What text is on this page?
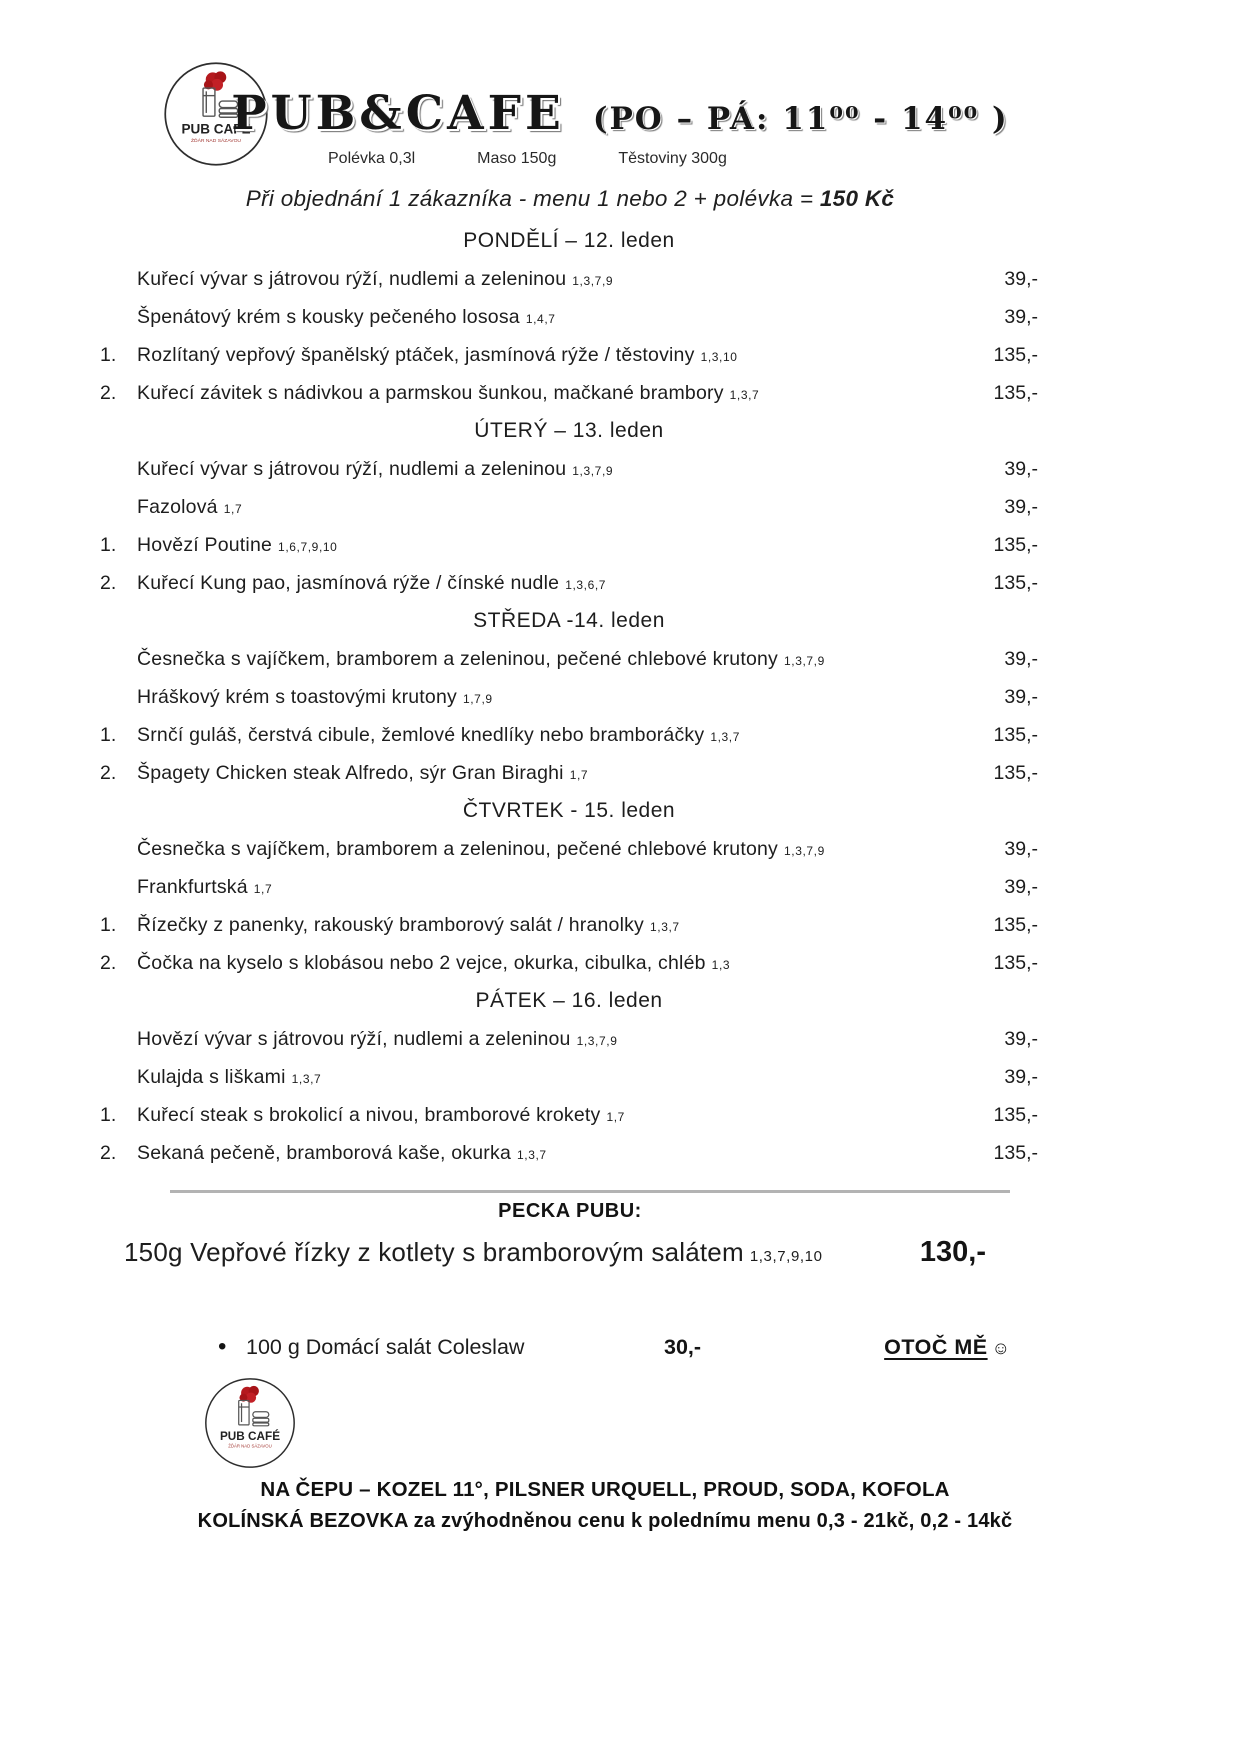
PUB CAFÉ
ŽĎÁR NAD SÁZAVOU
PUB&CAFE (PO – PÁ: 11⁰⁰ - 14⁰⁰ )
Polévka 0,3l	Maso 150g	Těstoviny 300g
Při objednání 1 zákazníka - menu 1 nebo 2 + polévka = 150 Kč
PONDĚLÍ – 12. leden
Kuřecí vývar s játrovou rýží, nudlemi a zeleninou 1,3,7,9	39,-
Špenátový krém s kousky pečeného lososa 1,4,7	39,-
1.	Rozlítaný vepřový španělský ptáček, jasmínová rýže / těstoviny 1,3,10	135,-
2.	Kuřecí závitek s nádivkou a parmskou šunkou, mačkané brambory 1,3,7	135,-
ÚTERÝ – 13. leden
Kuřecí vývar s játrovou rýží, nudlemi a zeleninou 1,3,7,9	39,-
Fazolová 1,7	39,-
1.	Hovězí Poutine 1,6,7,9,10	135,-
2.	Kuřecí Kung pao, jasmínová rýže / čínské nudle 1,3,6,7	135,-
STŘEDA -14. leden
Česnečka s vajíčkem, bramborem a zeleninou, pečené chlebové krutony 1,3,7,9	39,-
Hráškový krém s toastovými krutony 1,7,9	39,-
1.	Srnčí guláš, čerstvá cibule, žemlové knedlíky nebo bramboráčky 1,3,7	135,-
2.	Špagety Chicken steak Alfredo, sýr Gran Biraghi 1,7	135,-
ČTVRTEK - 15. leden
Česnečka s vajíčkem, bramborem a zeleninou, pečené chlebové krutony 1,3,7,9	39,-
Frankfurtská 1,7	39,-
1.	Řízečky z panenky, rakouský bramborový salát / hranolky 1,3,7	135,-
2.	Čočka na kyselo s klobásou nebo 2 vejce, okurka, cibulka, chléb 1,3	135,-
PÁTEK – 16. leden
Hovězí vývar s játrovou rýží, nudlemi a zeleninou 1,3,7,9	39,-
Kulajda s liškami 1,3,7	39,-
1.	Kuřecí steak s brokolicí a nivou, bramborové krokety 1,7	135,-
2.	Sekaná pečeně, bramborová kaše, okurka 1,3,7	135,-
PECKA PUBU:
150g Vepřové řízky z kotlety s bramborovým salátem 1,3,7,9,10	130,-
• 100 g Domácí salát Coleslaw	30,-	OTOČ MĚ ☺
PUB CAFÉ
ŽĎÁR NAD SÁZAVOU
NA ČEPU – KOZEL 11°, PILSNER URQUELL, PROUD, SODA, KOFOLA
KOLÍNSKÁ BEZOVKA za zvýhodněnou cenu k polednímu menu 0,3 - 21kč, 0,2 - 14kč
